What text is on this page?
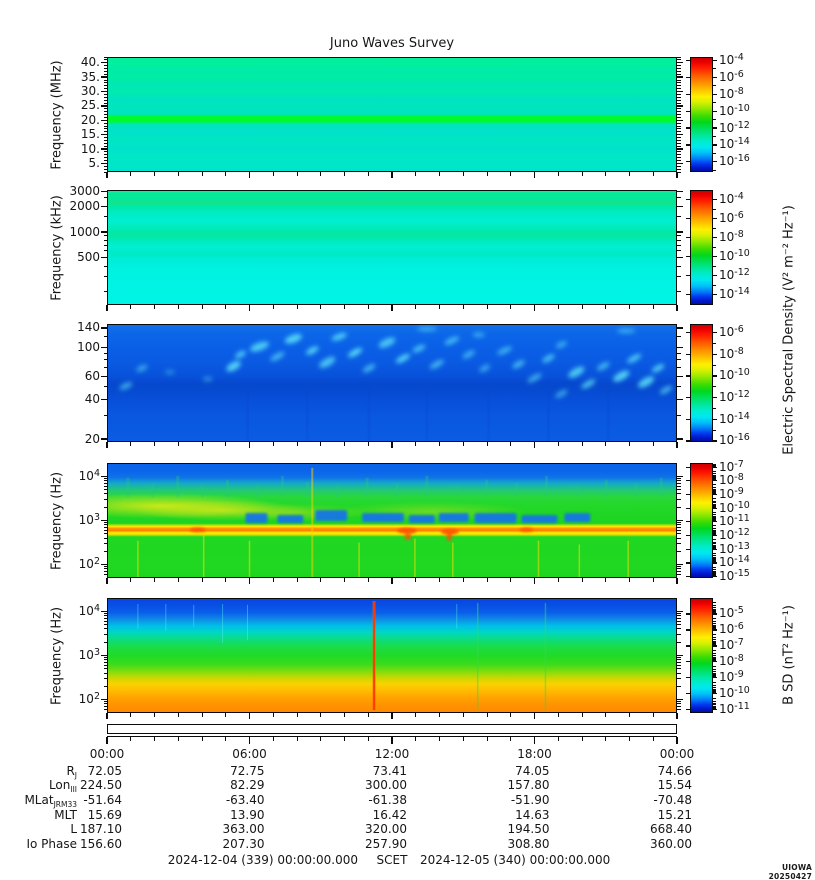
Juno Waves Survey
Frequency (MHz)	40.
35.
30.
25.
20.
15.
10.
5.
$10^{-4}$
$10^{-6}$
$10^{-8}$
$10^{-10}$
$10^{-12}$
$10^{-14}$
$10^{-16}$
Frequency (kHz)
3000
2000
1000
500
$10^{-4}$
$10^{-6}$
$10^{-8}$
$10^{-10}$
$10^{-12}$
$10^{-14}$
140
100
60
40
20
$10^{-6}$
$10^{-8}$
$10^{-10}$
$10^{-12}$
$10^{-14}$
$10^{-16}$
Frequency (Hz)	$10^4$
$10^3$
$10^2$
$10^{-7}$
$10^{-8}$
$10^{-9}$
$10^{-10}$
$10^{-11}$
$10^{-12}$
$10^{-13}$
$10^{-14}$
$10^{-15}$
Frequency (Hz)	$10^4$
$10^3$
$10^2$
$10^{-5}$
$10^{-6}$
$10^{-7}$
$10^{-8}$
$10^{-9}$
$10^{-10}$
$10^{-11}$
Electric Spectral Density (V² m⁻² Hz⁻¹)
B SD (nT² Hz⁻¹)
00:00	06:00	12:00	18:00	00:00
$R_J$ 72.05	72.75	73.41	74.05	74.66
Lon$_{III}$ 224.50	82.29	300.00	157.80	15.54
MLat$_{JRM33}$ -51.64	-63.40	-61.38	-51.90	-70.48
MLT 15.69	13.90	16.42	14.63	15.21
L 187.10	363.00	320.00	194.50	668.40
Io Phase 156.60	207.30	257.90	308.80	360.00
2024-12-04 (339) 00:00:00.000	SCET	2024-12-05 (340) 00:00:00.000
UIOWA 20250427
